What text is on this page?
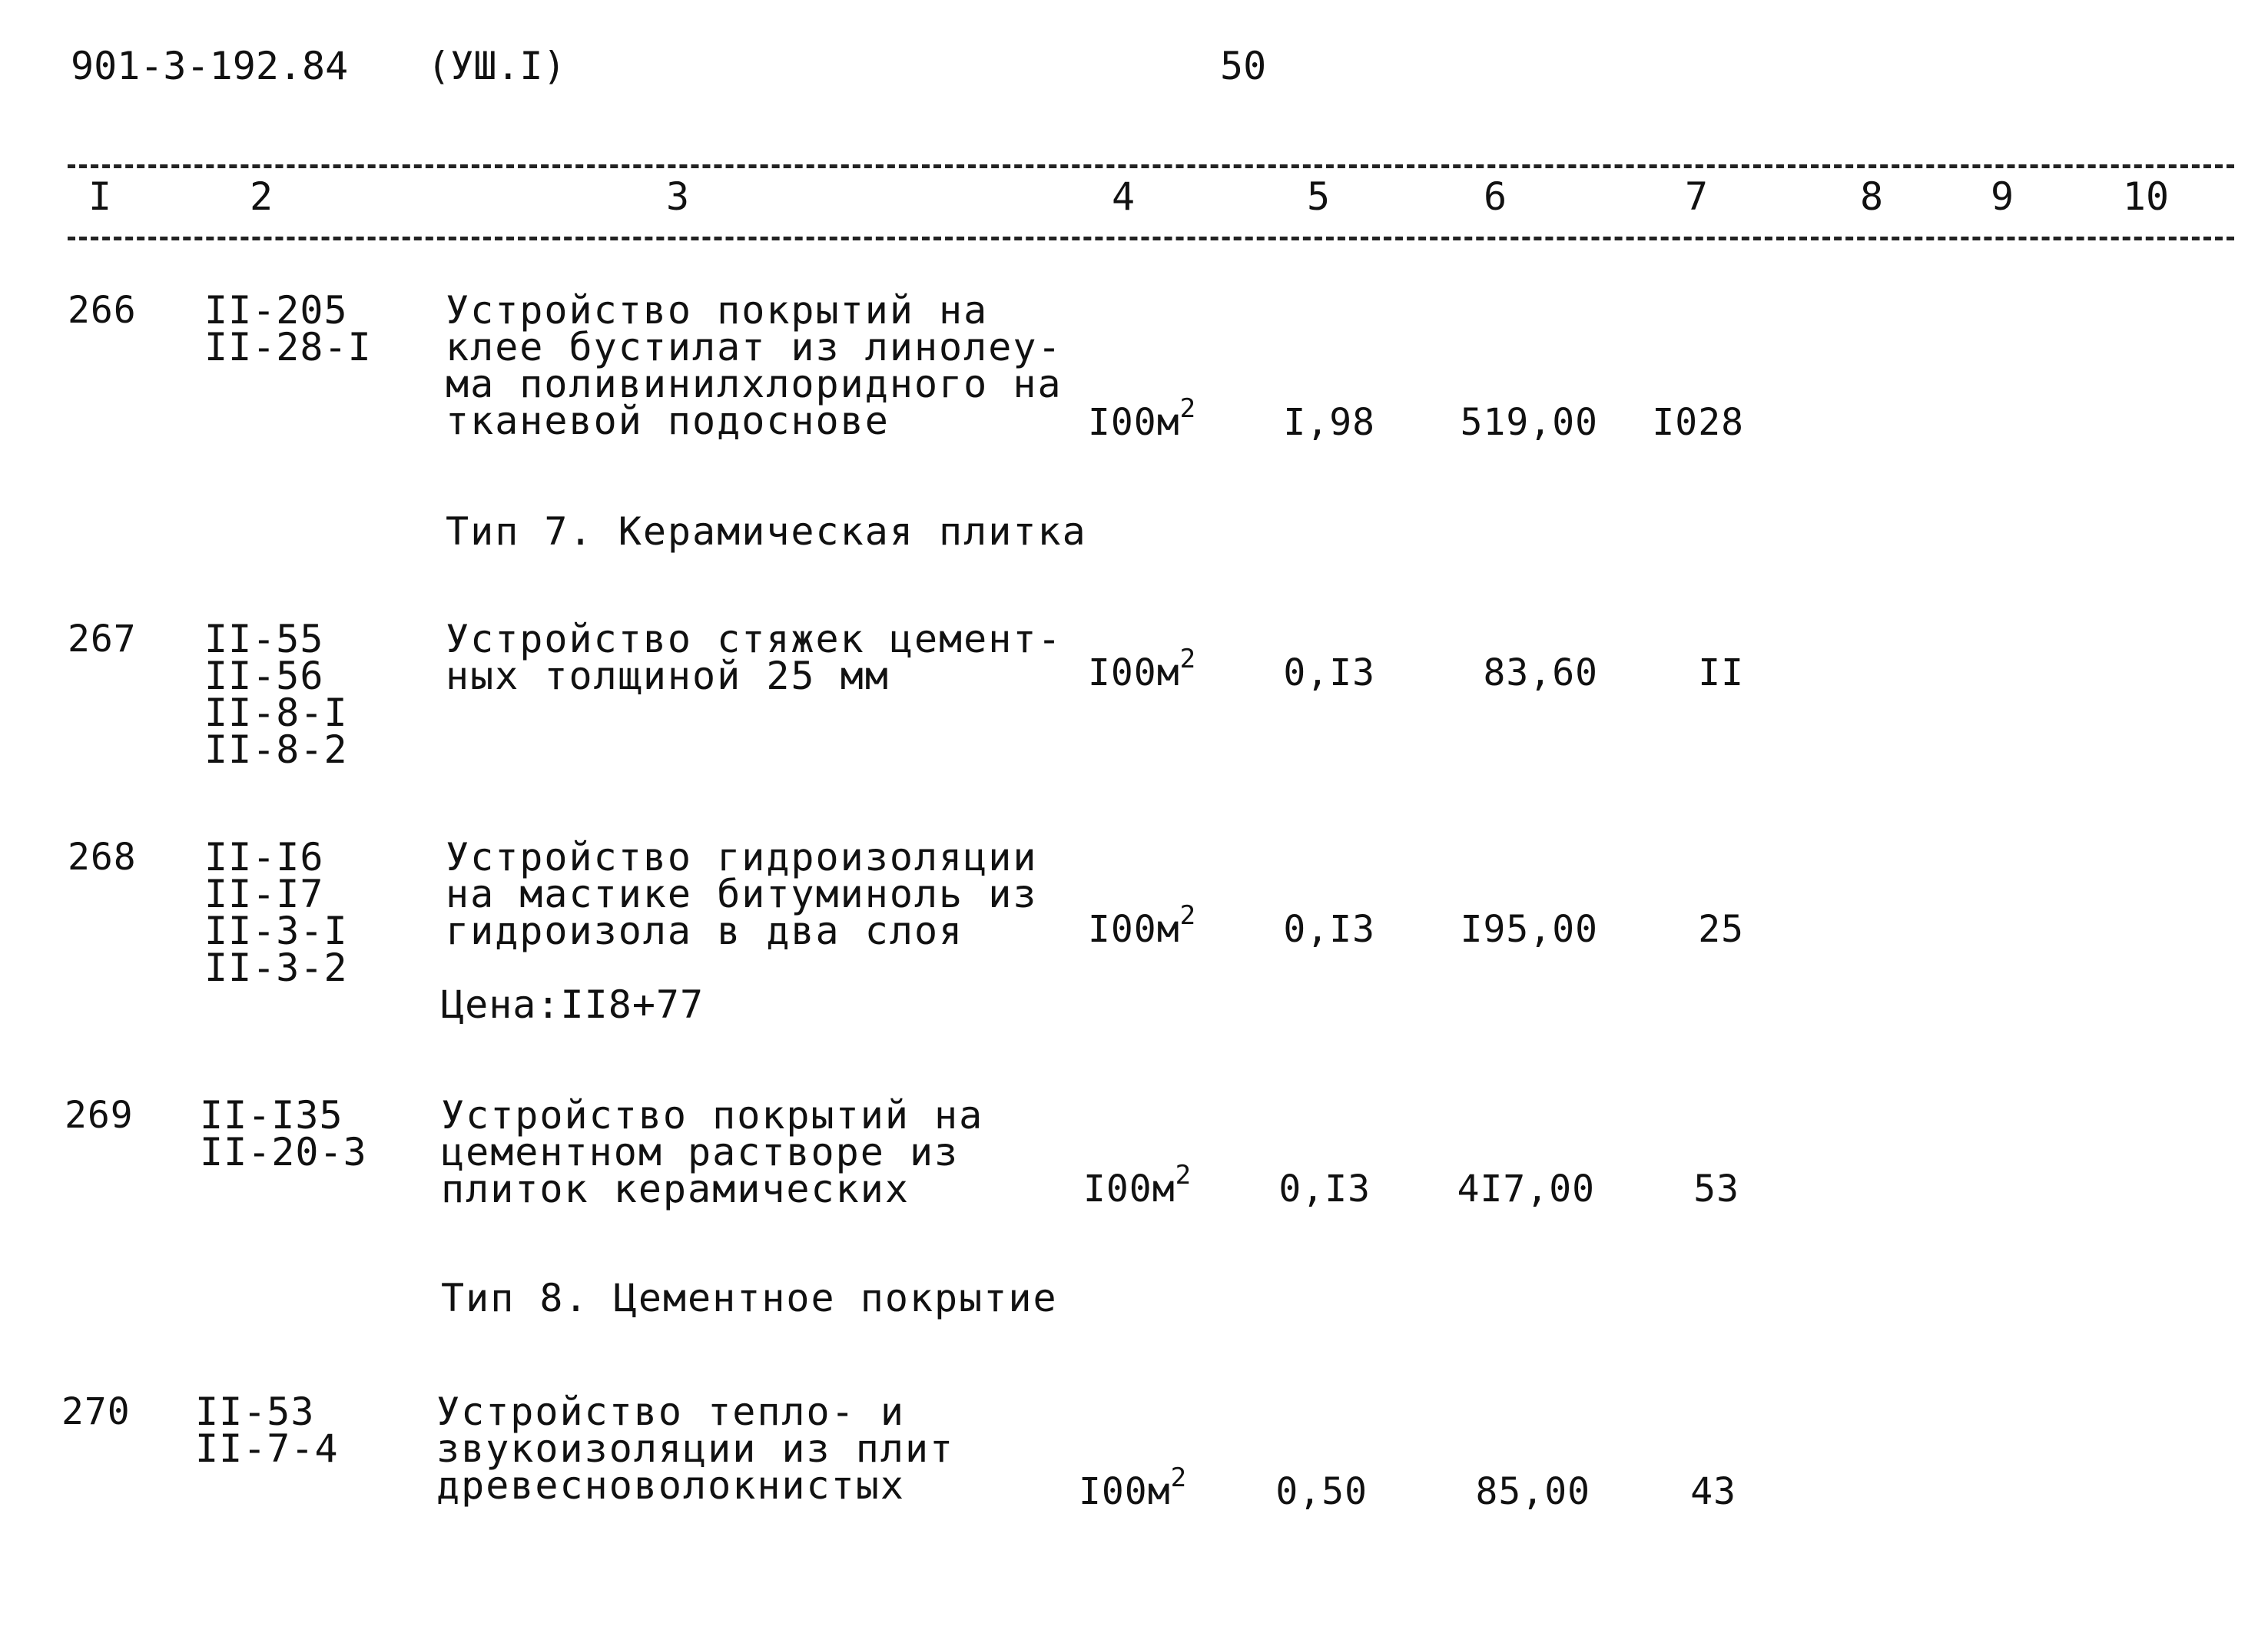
901-3-192.84 (УШ.I)	50
I	2	3	4	5	6	7	8	9	10
266 II-205
II-28-I
Устройство покрытий на
клее бустилат из линолеу-
ма поливинилхлоридного на
тканевой подоснове	$I00м^2$	I,98	519,00	I028
Тип 7. Керамическая плитка
267 II-55
II-56
II-8-I
II-8-2
Устройство стяжек цемент-
ных толщиной 25 мм	$I00м^2$	0,I3	83,60	II
268 II-I6
II-I7
II-3-I
II-3-2
Устройство гидроизоляции
на мастике битуминоль из
гидроизола в два слоя
Цена:II8+77
$I00м^2$	0,I3	I95,00	25
269 II-I35
II-20-3
Устройство покрытий на
цементном растворе из
плиток керамических	$I00м^2$	0,I3	4I7,00	53
Тип 8. Цементное покрытие
270 II-53
II-7-4
Устройство тепло- и
звукоизоляции из плит
древесноволокнистых	$I00м^2$	0,50	85,00	43
